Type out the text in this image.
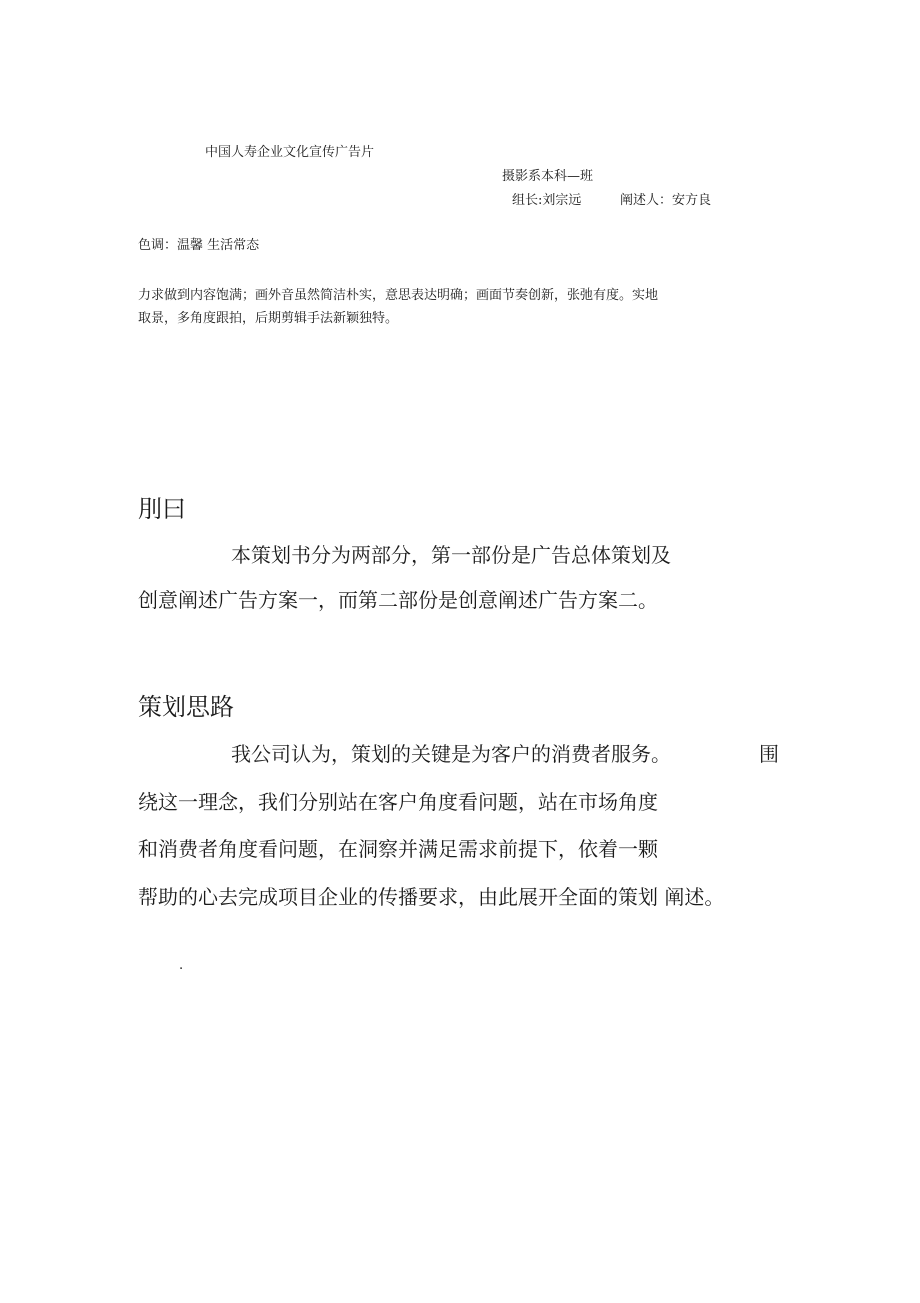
中国人寿企业文化宣传广告片
摄影系本科—班
组长:刘宗远	阐述人：安方良
色调：温馨 生活常态
力求做到内容饱满；画外音虽然简洁朴实，意思表达明确；画面节奏创新，张弛有度。实地
取景，多角度跟拍，后期剪辑手法新颖独特。
刖曰
本策划书分为两部分，第一部份是广告总体策划及
创意阐述广告方案一，而第二部份是创意阐述广告方案二。
策划思路
我公司认为，策划的关键是为客户的消费者服务。	围
绕这一理念，我们分别站在客户角度看问题，站在市场角度
和消费者角度看问题，在洞察并满足需求前提下，依着一颗
帮助的心去完成项目企业的传播要求，由此展开全面的策划 阐述。
.
